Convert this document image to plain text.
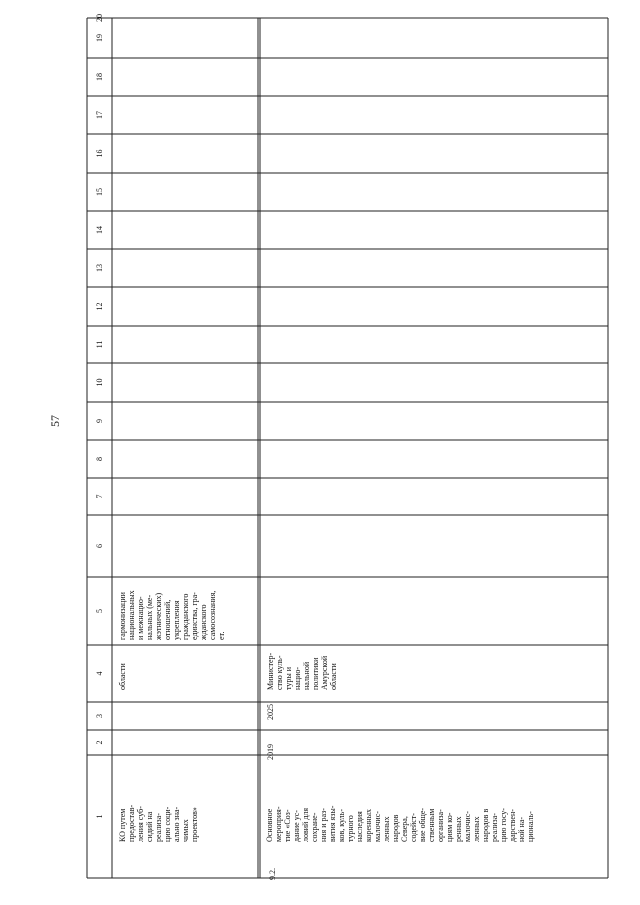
57
1
2
3
4
5
6
7
8
9
10
11
12
13
14
15
16
17
18
19
20
КО путем
предостав-
ления суб-
сидий на
реализа-
цию соци-
ально зна-
чимых
проектов»
области
гармонизации
национальных
и межнацио-
нальных (ме-
жэтнических)
отношений,
укрепления
гражданского
единства, гра-
жданского
самосознания,
ет.
9.2.
Основное
мероприя-
тие «Соз-
дание ус-
ловий для
сохране-
ния и раз-
вития язы-
ков, куль-
турного
наследия
коренных
малочис-
ленных
народов
Севера,
содейст-
вие обще-
ственным
организа-
циям ко-
ренных
малочис-
ленных
народов в
реализа-
цию госу-
дарствен-
ной на-
циональ-
2019
2025
Министер-
ство куль-
туры и
нацио-
нальной
политики
Амурской
области
